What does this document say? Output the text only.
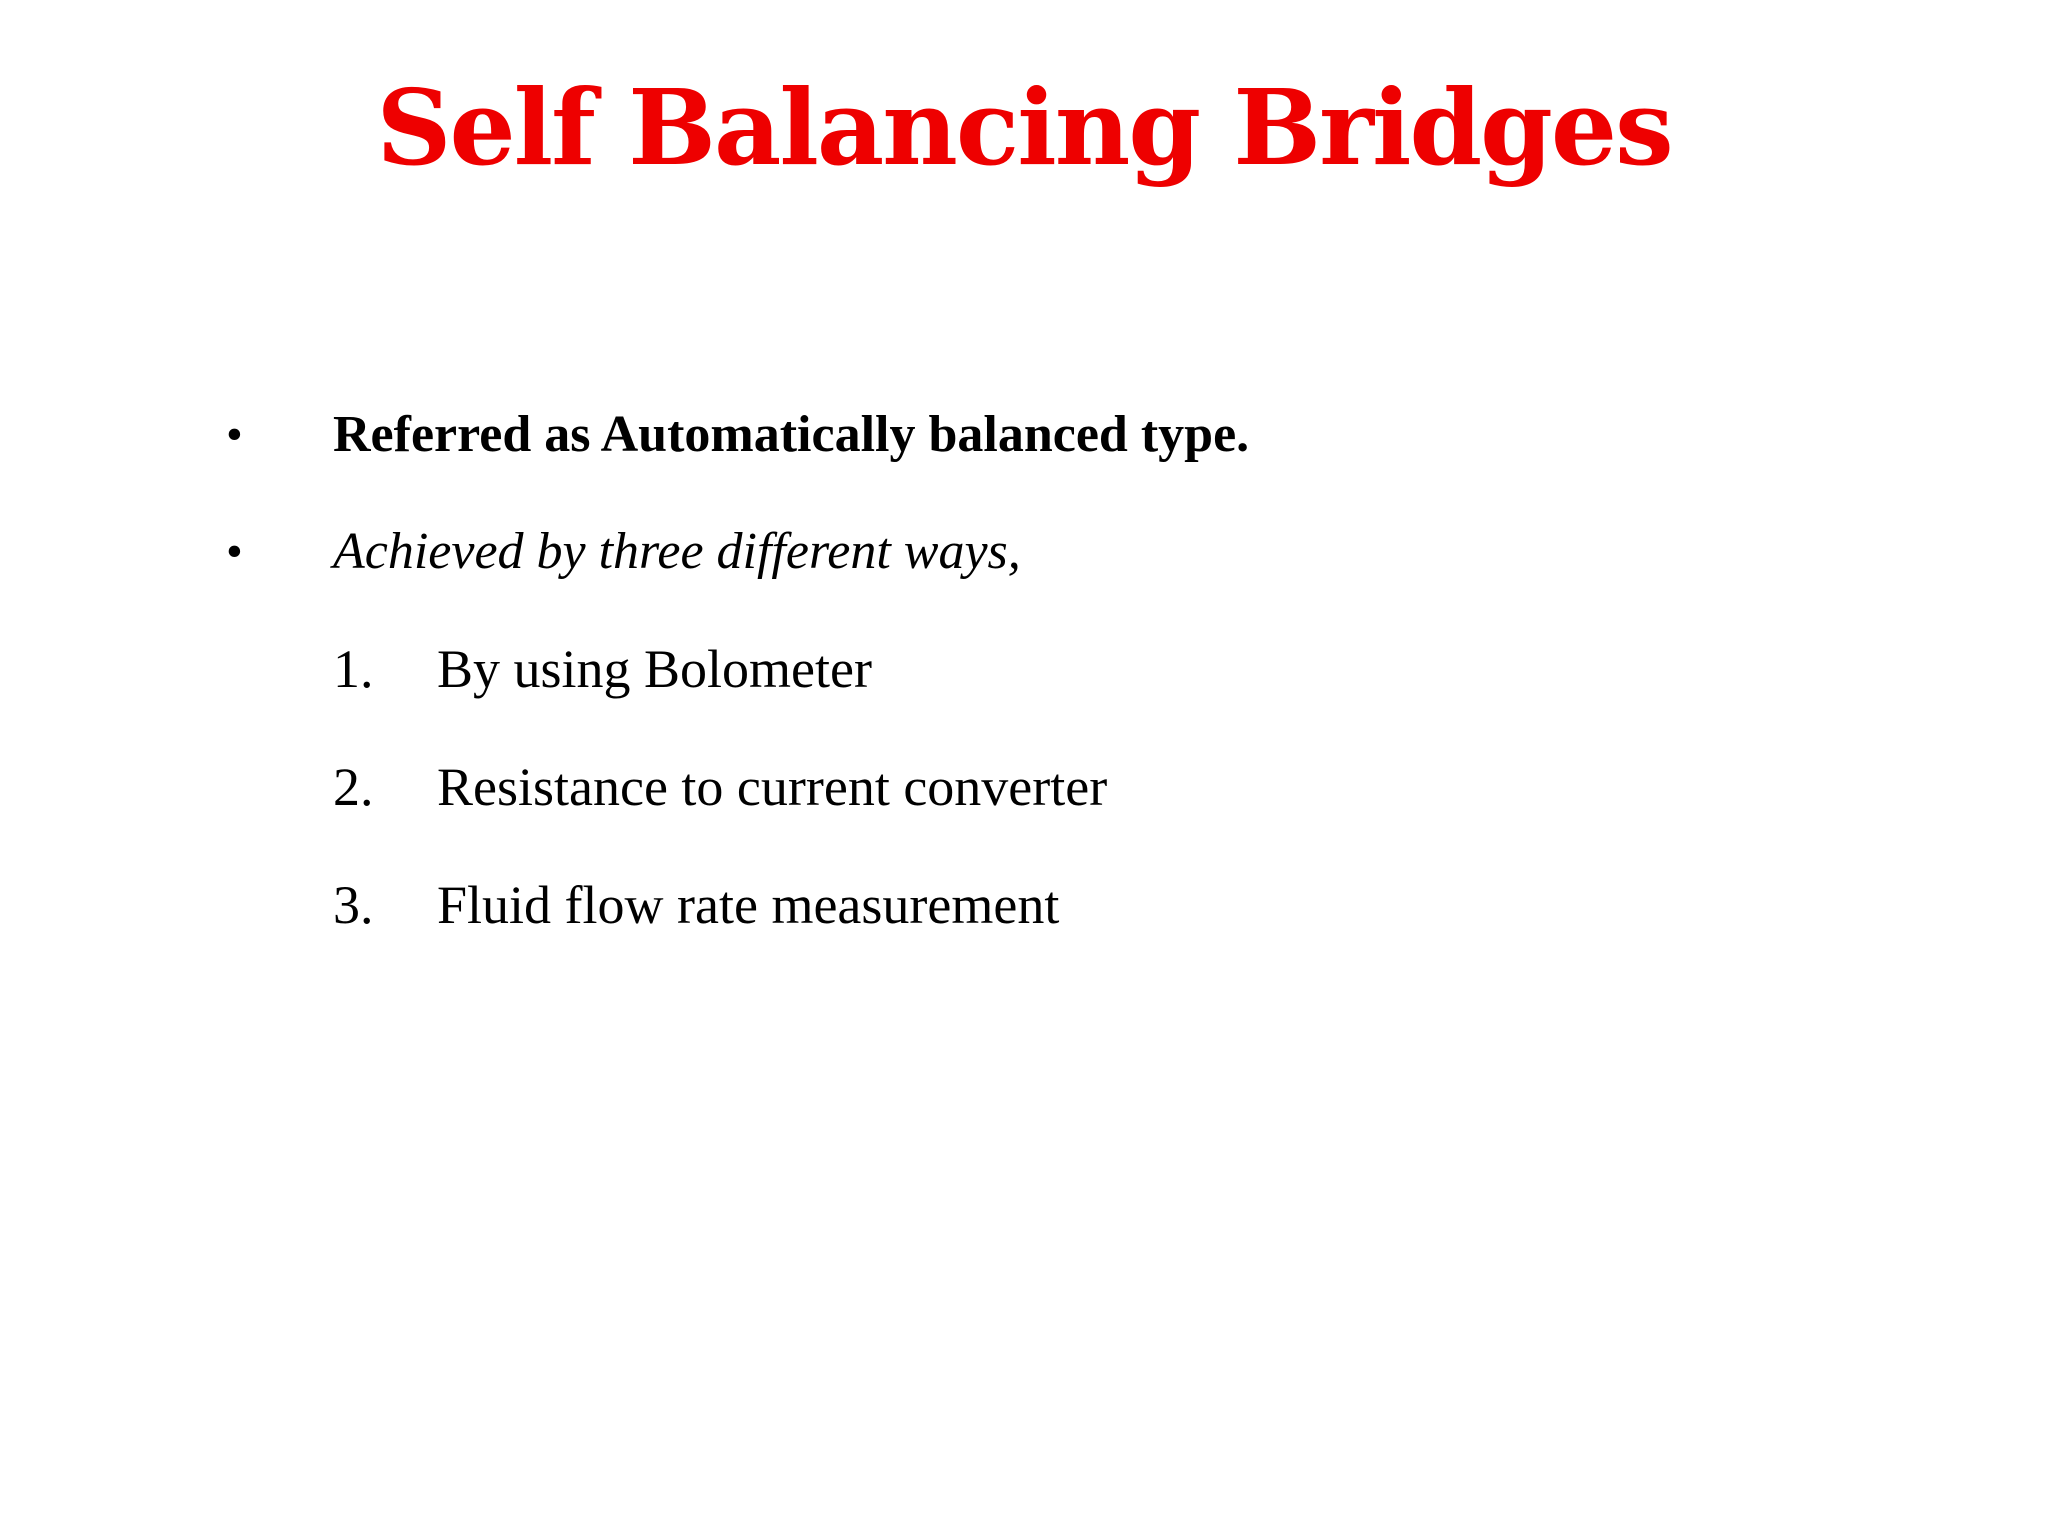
Self Balancing Bridges
• Referred as Automatically balanced type.
• Achieved by three different ways,
1. By using Bolometer
2. Resistance to current converter
3. Fluid flow rate measurement
